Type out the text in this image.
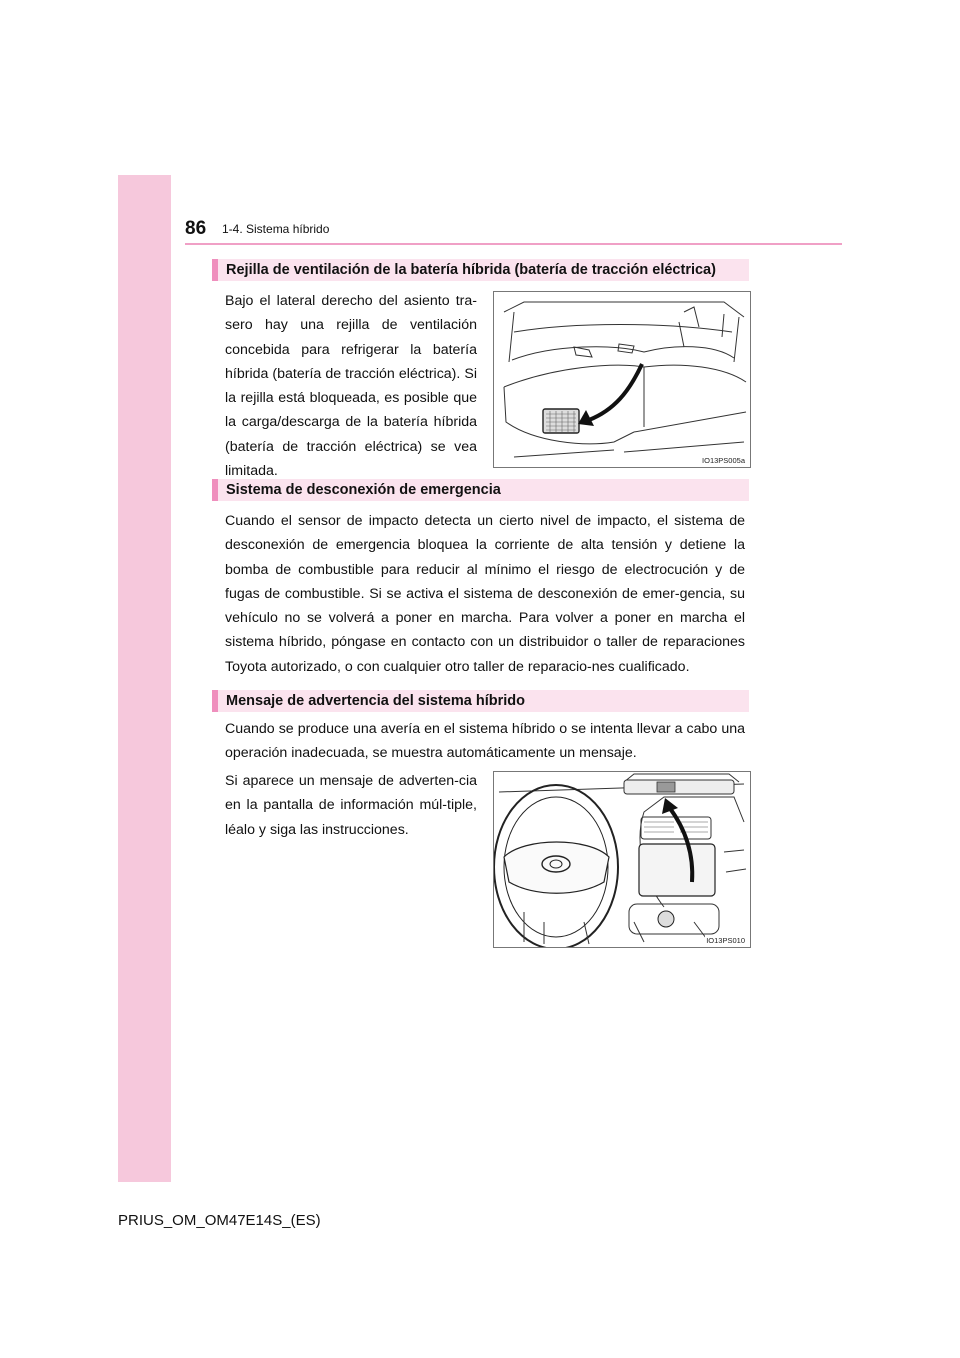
86 1-4. Sistema híbrido
Rejilla de ventilación de la batería híbrida (batería de tracción eléctrica)
Bajo el lateral derecho del asiento tra-sero hay una rejilla de ventilación concebida para refrigerar la batería híbrida (batería de tracción eléctrica). Si la rejilla está bloqueada, es posible que la carga/descarga de la batería híbrida (batería de tracción eléctrica) se vea limitada.
IO13PS005a
Sistema de desconexión de emergencia
Cuando el sensor de impacto detecta un cierto nivel de impacto, el sistema de desconexión de emergencia bloquea la corriente de alta tensión y detiene la bomba de combustible para reducir al mínimo el riesgo de electrocución y de fugas de combustible. Si se activa el sistema de desconexión de emer-gencia, su vehículo no se volverá a poner en marcha. Para volver a poner en marcha el sistema híbrido, póngase en contacto con un distribuidor o taller de reparaciones Toyota autorizado, o con cualquier otro taller de reparacio-nes cualificado.
Mensaje de advertencia del sistema híbrido
Cuando se produce una avería en el sistema híbrido o se intenta llevar a cabo una operación inadecuada, se muestra automáticamente un mensaje.
Si aparece un mensaje de adverten-cia en la pantalla de información múl-tiple, léalo y siga las instrucciones.
IO13PS010
PRIUS_OM_OM47E14S_(ES)
